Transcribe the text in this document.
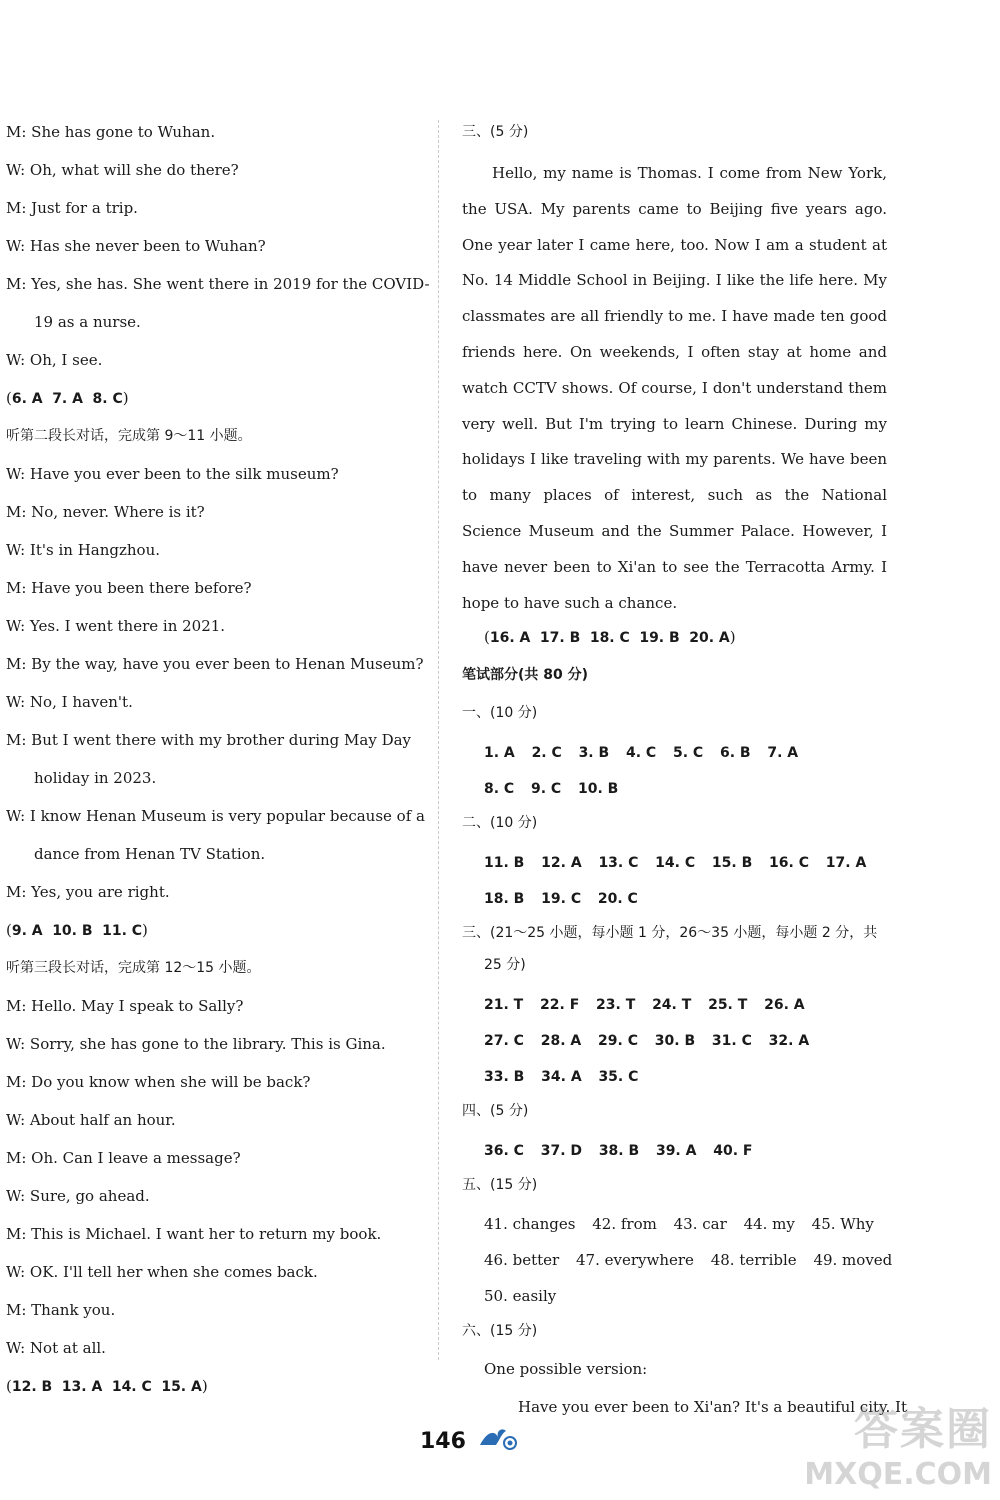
M: She has gone to Wuhan.
W: Oh, what will she do there?
M: Just for a trip.
W: Has she never been to Wuhan?
M: Yes, she has. She went there in 2019 for the COVID-
19 as a nurse.
W: Oh, I see.
(6. A 7. A 8. C)
听第二段长对话，完成第 9～11 小题。
W: Have you ever been to the silk museum?
M: No, never. Where is it?
W: It's in Hangzhou.
M: Have you been there before?
W: Yes. I went there in 2021.
M: By the way, have you ever been to Henan Museum?
W: No, I haven't.
M: But I went there with my brother during May Day
holiday in 2023.
W: I know Henan Museum is very popular because of a
dance from Henan TV Station.
M: Yes, you are right.
(9. A 10. B 11. C)
听第三段长对话，完成第 12～15 小题。
M: Hello. May I speak to Sally?
W: Sorry, she has gone to the library. This is Gina.
M: Do you know when she will be back?
W: About half an hour.
M: Oh. Can I leave a message?
W: Sure, go ahead.
M: This is Michael. I want her to return my book.
W: OK. I'll tell her when she comes back.
M: Thank you.
W: Not at all.
(12. B 13. A 14. C 15. A)
三、(5 分)
Hello, my name is Thomas. I come from New York, the USA. My parents came to Beijing five years ago. One year later I came here, too. Now I am a student at No. 14 Middle School in Beijing. I like the life here. My classmates are all friendly to me. I have made ten good friends here. On weekends, I often stay at home and watch CCTV shows. Of course, I don't understand them very well. But I'm trying to learn Chinese. During my holidays I like traveling with my parents. We have been to many places of interest, such as the National Science Museum and the Summer Palace. However, I have never been to Xi'an to see the Terracotta Army. I hope to have such a chance.
(16. A 17. B 18. C 19. B 20. A)
笔试部分(共 80 分)
一、(10 分)
1. A 2. C 3. B 4. C 5. C 6. B 7. A
8. C 9. C 10. B
二、(10 分)
11. B 12. A 13. C 14. C 15. B 16. C 17. A
18. B 19. C 20. C
三、(21～25 小题，每小题 1 分，26～35 小题，每小题 2 分，共
25 分)
21. T 22. F 23. T 24. T 25. T 26. A
27. C 28. A 29. C 30. B 31. C 32. A
33. B 34. A 35. C
四、(5 分)
36. C 37. D 38. B 39. A 40. F
五、(15 分)
41. changes 42. from 43. car 44. my 45. Why
46. better 47. everywhere 48. terrible 49. moved
50. easily
六、(15 分)
One possible version:
Have you ever been to Xi'an? It's a beautiful city. It
146	答案圈
MXQE.COM
